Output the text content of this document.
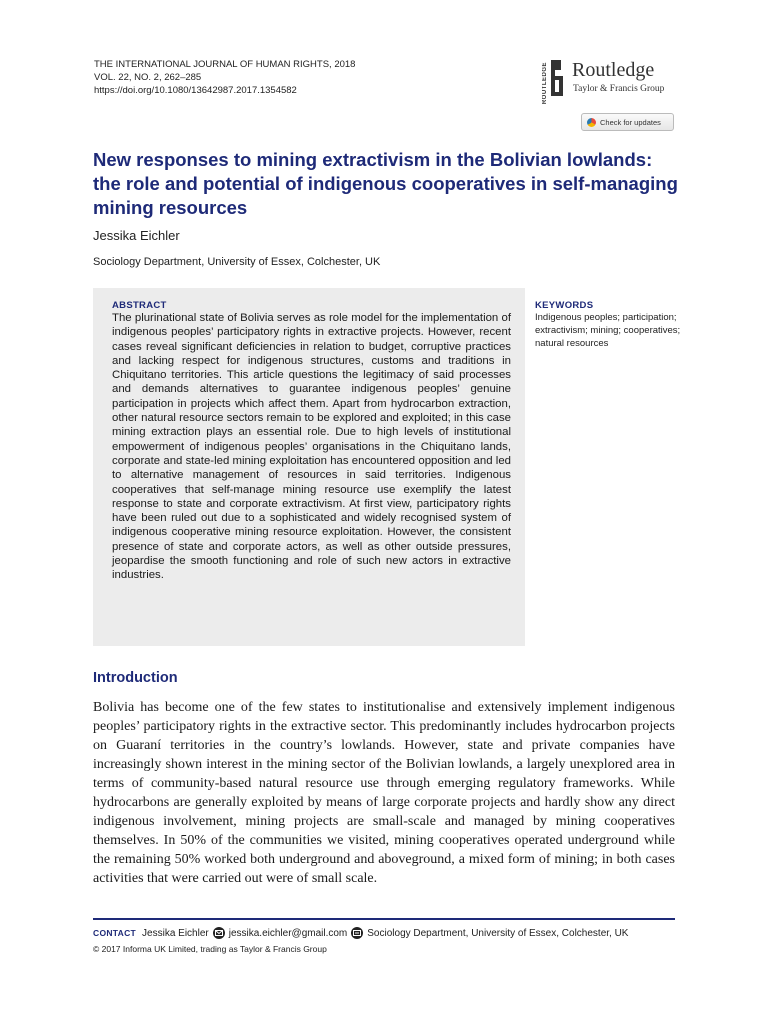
THE INTERNATIONAL JOURNAL OF HUMAN RIGHTS, 2018
VOL. 22, NO. 2, 262–285
https://doi.org/10.1080/13642987.2017.1354582	ROUTLEDGE Routledge
Taylor & Francis Group
Check for updates
New responses to mining extractivism in the Bolivian lowlands: the role and potential of indigenous cooperatives in self-managing mining resources
Jessika Eichler
Sociology Department, University of Essex, Colchester, UK
ABSTRACT
The plurinational state of Bolivia serves as role model for the implementation of indigenous peoples’ participatory rights in extractive projects. However, recent cases reveal significant deficiencies in relation to budget, corruptive practices and lacking respect for indigenous structures, customs and traditions in Chiquitano territories. This article questions the legitimacy of said processes and demands alternatives to guarantee indigenous peoples’ genuine participation in projects which affect them. Apart from hydrocarbon extraction, other natural resource sectors remain to be explored and exploited; in this case mining extraction plays an essential role. Due to high levels of institutional empowerment of indigenous peoples’ organisations in the Chiquitano lands, corporate and state-led mining exploitation has encountered opposition and led to alternative management of resources in said territories. Indigenous cooperatives that self-manage mining resource use exemplify the latest response to state and corporate extractivism. At first view, participatory rights have been ruled out due to a sophisticated and widely recognised system of indigenous cooperative mining resource exploitation. However, the consistent presence of state and corporate actors, as well as other outside pressures, jeopardise the smooth functioning and role of such new actors in extractive industries.
KEYWORDS
Indigenous peoples; participation; extractivism; mining; cooperatives; natural resources
Introduction

Bolivia has become one of the few states to institutionalise and extensively implement indigenous peoples’ participatory rights in the extractive sector. This predominantly includes hydrocarbon projects on Guaraní territories in the country’s lowlands. However, state and private companies have increasingly shown interest in the mining sector of the Bolivian lowlands, a largely unexplored area in terms of community-based natural resource use through emerging regulatory frameworks. While hydrocarbons are generally exploited by means of large corporate projects and hardly show any direct indigenous involvement, mining projects are small-scale and managed by mining cooperatives themselves. In 50% of the communities we visited, mining cooperatives operated underground while the remaining 50% worked both underground and aboveground, a mixed form of mining; in both cases activities that were carried out were of small scale.

CONTACT Jessika Eichler jessika.eichler@gmail.com Sociology Department, University of Essex, Colchester, UK
© 2017 Informa UK Limited, trading as Taylor & Francis Group
